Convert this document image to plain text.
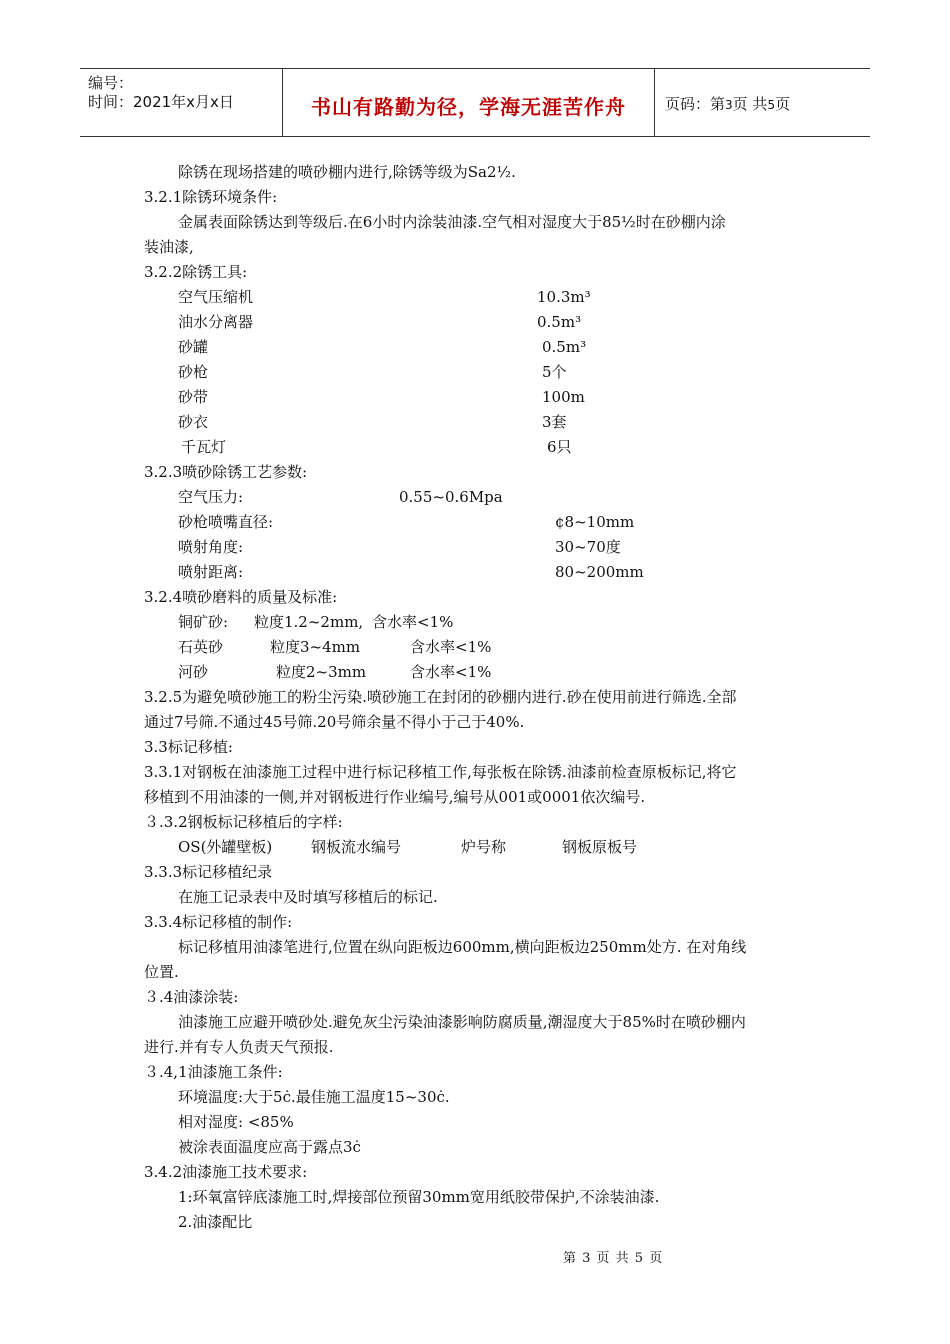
编号：
时间：2021年x月x日	书山有路勤为径，学海无涯苦作舟	页码：第3页 共5页
除锈在现场搭建的喷砂棚内进行,除锈等级为Sa2½.
3.2.1除锈环境条件:
金属表面除锈达到等级后.在6小时内涂装油漆.空气相对湿度大于85½时在砂棚内涂
装油漆,
3.2.2除锈工具:
空气压缩机	10.3m³
油水分离器	0.5m³
砂罐	0.5m³
砂枪	5个
砂带	100m
砂衣	3套
千瓦灯	6只
3.2.3喷砂除锈工艺参数:
空气压力:	0.55~0.6Mpa
砂枪喷嘴直径:	¢8~10mm
喷射角度:	30~70度
喷射距离:	80~200mm
3.2.4喷砂磨料的质量及标准:
铜矿砂: 粒度1.2~2mm, 含水率<1%
石英砂	粒度3~4mm	含水率<1%
河砂	粒度2~3mm	含水率<1%
3.2.5为避免喷砂施工的粉尘污染.喷砂施工在封闭的砂棚内进行.砂在使用前进行筛选.全部
通过7号筛.不通过45号筛.20号筛余量不得小于己于40%.
3.3标记移植:
3.3.1对钢板在油漆施工过程中进行标记移植工作,每张板在除锈.油漆前检查原板标记,将它
移植到不用油漆的一侧,并对钢板进行作业编号,编号从001或0001依次编号.
３.3.2钢板标记移植后的字样:
OS(外罐壁板)	钢板流水编号	炉号称	钢板原板号
3.3.3标记移植纪录
在施工记录表中及时填写移植后的标记.
3.3.4标记移植的制作:
标记移植用油漆笔进行,位置在纵向距板边600mm,横向距板边250mm处方. 在对角线
位置.
３.4油漆涂装:
油漆施工应避开喷砂处.避免灰尘污染油漆影响防腐质量,潮湿度大于85%时在喷砂棚内
进行.并有专人负责天气预报.
３.4,1油漆施工条件:
环境温度:大于5ċ.最佳施工温度15~30ċ.
相对湿度: <85%
被涂表面温度应高于露点3ċ
3.4.2油漆施工技术要求:
1:环氧富锌底漆施工时,焊接部位预留30mm宽用纸胶带保护,不涂装油漆.
2.油漆配比
第 3 页 共 5 页
